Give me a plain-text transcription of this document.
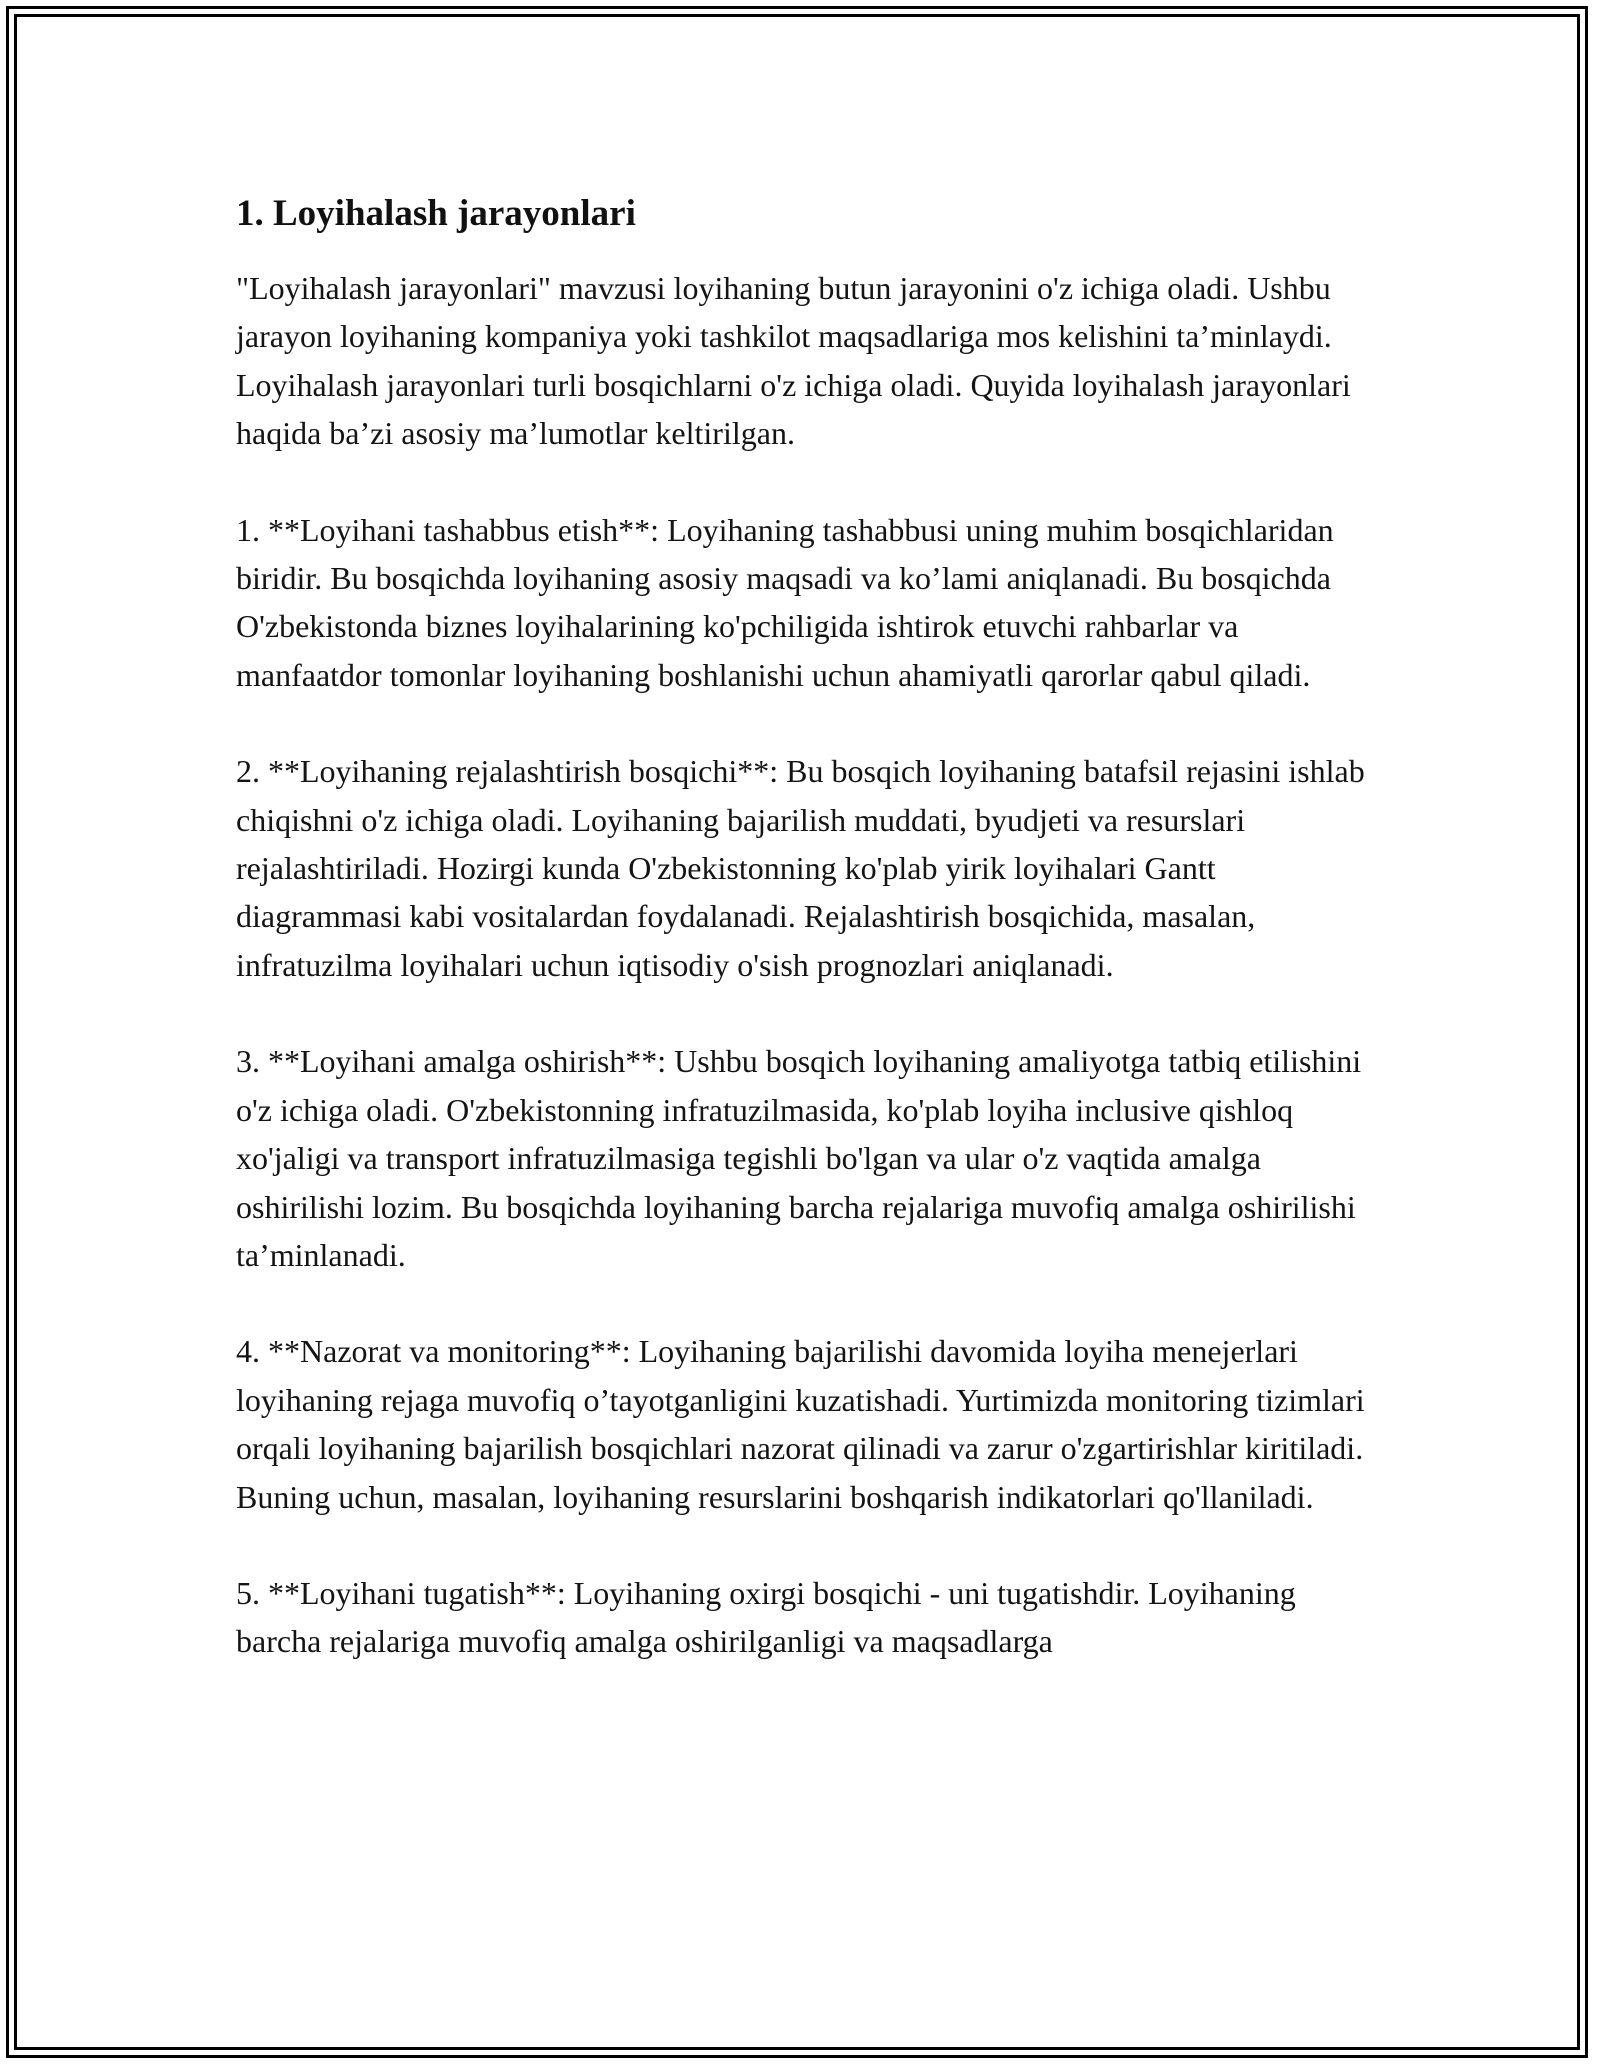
1. Loyihalash jarayonlari

"Loyihalash jarayonlari" mavzusi loyihaning butun jarayonini o'z ichiga oladi. Ushbu jarayon loyihaning kompaniya yoki tashkilot maqsadlariga mos kelishini ta’minlaydi. Loyihalash jarayonlari turli bosqichlarni o'z ichiga oladi. Quyida loyihalash jarayonlari haqida ba’zi asosiy ma’lumotlar keltirilgan.

1. **Loyihani tashabbus etish**: Loyihaning tashabbusi uning muhim bosqichlaridan biridir. Bu bosqichda loyihaning asosiy maqsadi va ko’lami aniqlanadi. Bu bosqichda O'zbekistonda biznes loyihalarining ko'pchiligida ishtirok etuvchi rahbarlar va manfaatdor tomonlar loyihaning boshlanishi uchun ahamiyatli qarorlar qabul qiladi.

2. **Loyihaning rejalashtirish bosqichi**: Bu bosqich loyihaning batafsil rejasini ishlab chiqishni o'z ichiga oladi. Loyihaning bajarilish muddati, byudjeti va resurslari rejalashtiriladi. Hozirgi kunda O'zbekistonning ko'plab yirik loyihalari Gantt diagrammasi kabi vositalardan foydalanadi. Rejalashtirish bosqichida, masalan, infratuzilma loyihalari uchun iqtisodiy o'sish prognozlari aniqlanadi.

3. **Loyihani amalga oshirish**: Ushbu bosqich loyihaning amaliyotga tatbiq etilishini o'z ichiga oladi. O'zbekistonning infratuzilmasida, ko'plab loyiha inclusive qishloq xo'jaligi va transport infratuzilmasiga tegishli bo'lgan va ular o'z vaqtida amalga oshirilishi lozim. Bu bosqichda loyihaning barcha rejalariga muvofiq amalga oshirilishi ta’minlanadi.

4. **Nazorat va monitoring**: Loyihaning bajarilishi davomida loyiha menejerlari loyihaning rejaga muvofiq o’tayotganligini kuzatishadi. Yurtimizda monitoring tizimlari orqali loyihaning bajarilish bosqichlari nazorat qilinadi va zarur o'zgartirishlar kiritiladi. Buning uchun, masalan, loyihaning resurslarini boshqarish indikatorlari qo'llaniladi.

5. **Loyihani tugatish**: Loyihaning oxirgi bosqichi - uni tugatishdir. Loyihaning barcha rejalariga muvofiq amalga oshirilganligi va maqsadlarga
